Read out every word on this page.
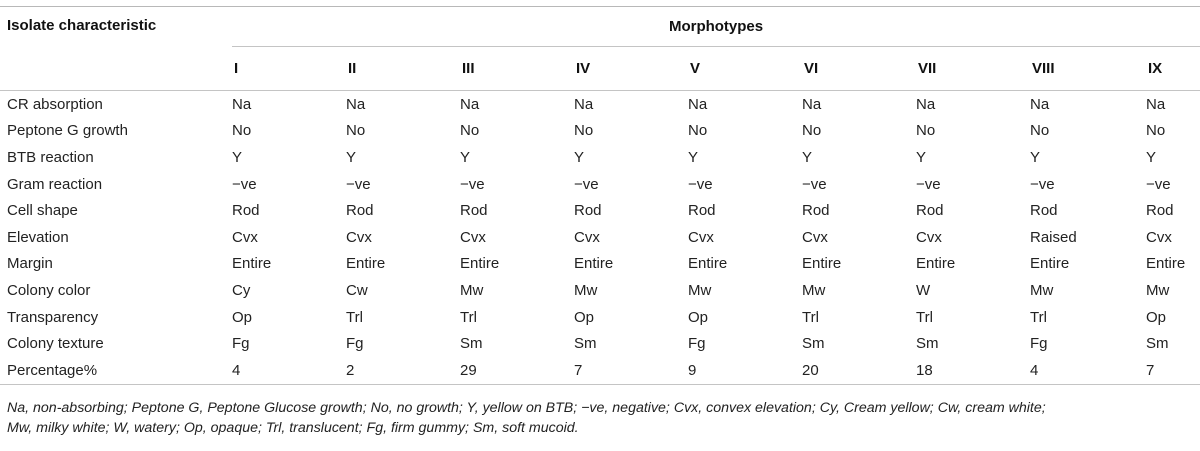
Isolate characteristic	Morphotypes								
	I	II	III	IV	V	VI	VII	VIII	IX
CR absorption	Na	Na	Na	Na	Na	Na	Na	Na	Na
Peptone G growth	No	No	No	No	No	No	No	No	No
BTB reaction	Y	Y	Y	Y	Y	Y	Y	Y	Y
Gram reaction	−ve	−ve	−ve	−ve	−ve	−ve	−ve	−ve	−ve
Cell shape	Rod	Rod	Rod	Rod	Rod	Rod	Rod	Rod	Rod
Elevation	Cvx	Cvx	Cvx	Cvx	Cvx	Cvx	Cvx	Raised	Cvx
Margin	Entire	Entire	Entire	Entire	Entire	Entire	Entire	Entire	Entire
Colony color	Cy	Cw	Mw	Mw	Mw	Mw	W	Mw	Mw
Transparency	Op	Trl	Trl	Op	Op	Trl	Trl	Trl	Op
Colony texture	Fg	Fg	Sm	Sm	Fg	Sm	Sm	Fg	Sm
Percentage%	4	2	29	7	9	20	18	4	7
Na, non-absorbing; Peptone G, Peptone Glucose growth; No, no growth; Y, yellow on BTB; −ve, negative; Cvx, convex elevation; Cy, Cream yellow; Cw, cream white;
Mw, milky white; W, watery; Op, opaque; Trl, translucent; Fg, firm gummy; Sm, soft mucoid.
